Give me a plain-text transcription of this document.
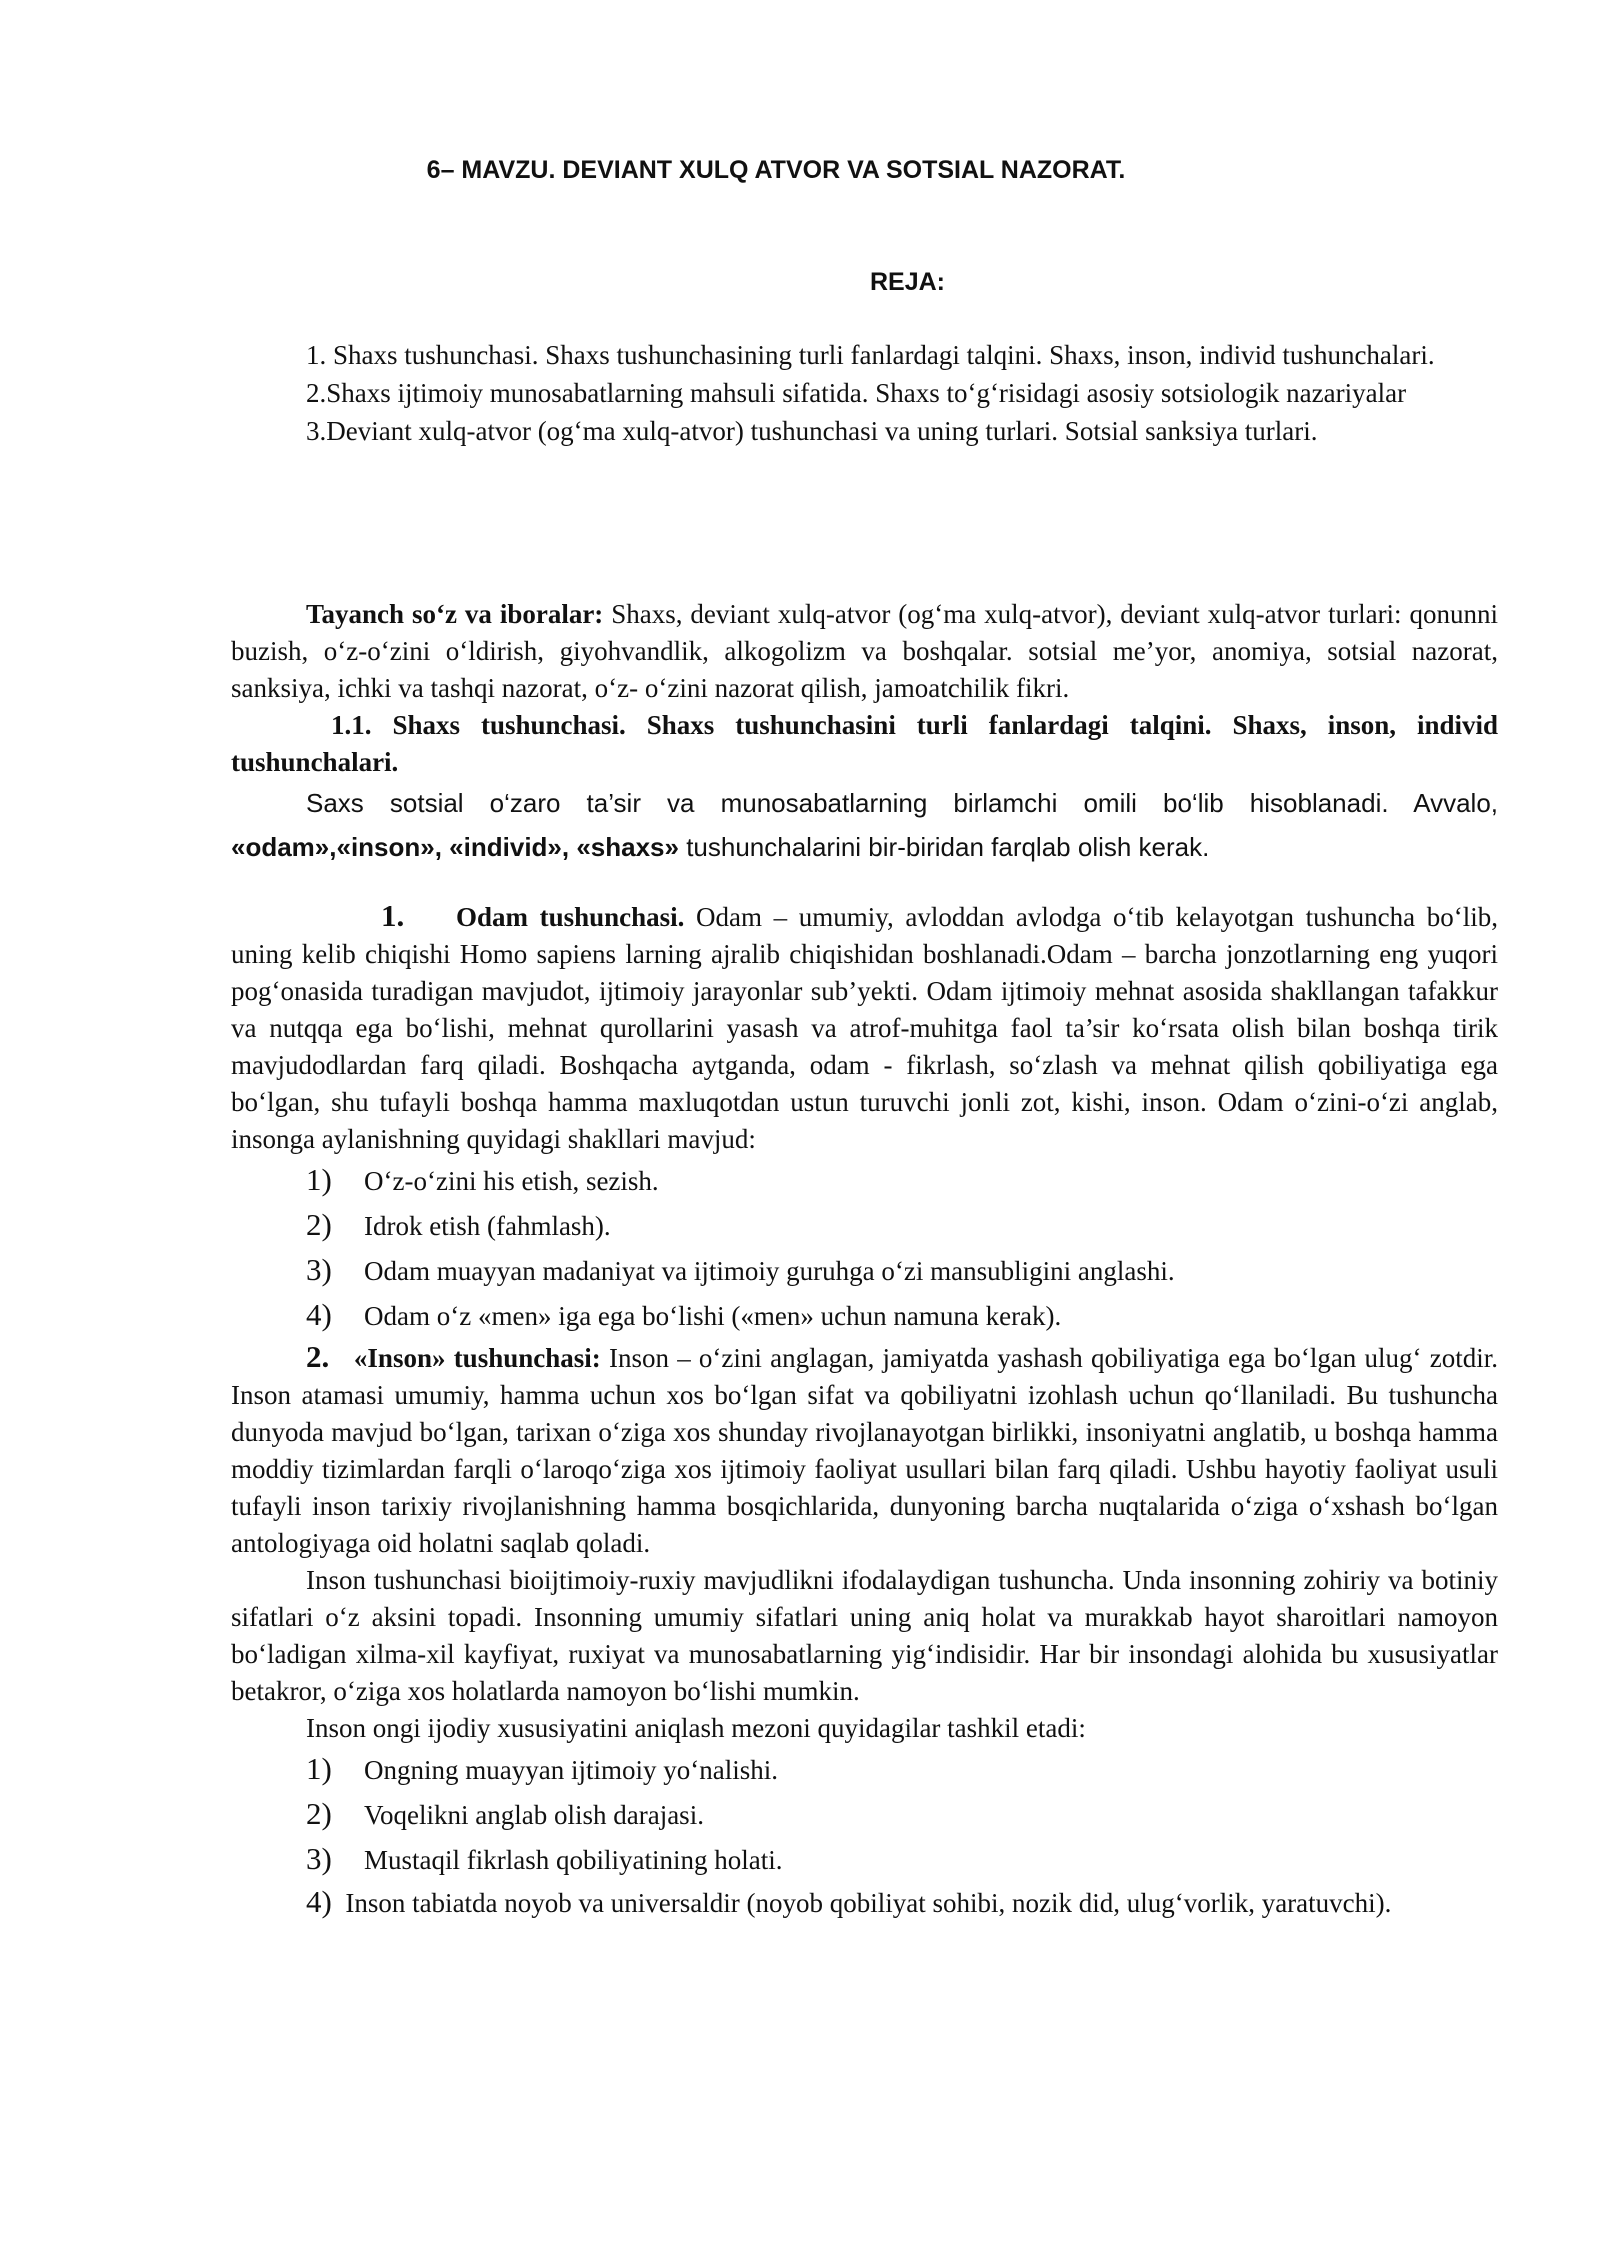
6– MAVZU. DEVIANT XULQ ATVOR VA SOTSIAL NAZORAT.
REJA:

1. Shaxs tushunchasi. Shaxs tushunchasining turli fanlardagi talqini. Shaxs, inson, individ tushunchalari.

2.Shaxs ijtimoiy munosabatlarning mahsuli sifatida. Shaxs to‘g‘risidagi asosiy sotsiologik nazariyalar

3.Deviant xulq-atvor (og‘ma xulq-atvor) tushunchasi va uning turlari. Sotsial sanksiya turlari.

Tayanch so‘z va iboralar: Shaxs, deviant xulq-atvor (og‘ma xulq-atvor), deviant xulq-atvor turlari: qonunni buzish, o‘z-o‘zini o‘ldirish, giyohvandlik, alkogolizm va boshqalar. sotsial me’yor, anomiya, sotsial nazorat, sanksiya, ichki va tashqi nazorat, o‘z- o‘zini nazorat qilish, jamoatchilik fikri.

1.1. Shaxs tushunchasi. Shaxs tushunchasini turli fanlardagi talqini. Shaxs, inson, individ tushunchalari.

Saxs sotsial o‘zaro ta’sir va munosabatlarning birlamchi omili bo‘lib hisoblanadi. Avvalo, «odam»,«inson», «individ», «shaxs» tushunchalarini bir-biridan farqlab olish kerak.

1. Odam tushunchasi. Odam – umumiy, avloddan avlodga o‘tib kelayotgan tushuncha bo‘lib, uning kelib chiqishi Homo sapiens larning ajralib chiqishidan boshlanadi.Odam – barcha jonzotlarning eng yuqori pog‘onasida turadigan mavjudot, ijtimoiy jarayonlar sub’yekti. Odam ijtimoiy mehnat asosida shakllangan tafakkur va nutqqa ega bo‘lishi, mehnat qurollarini yasash va atrof-muhitga faol ta’sir ko‘rsata olish bilan boshqa tirik mavjudodlardan farq qiladi. Boshqacha aytganda, odam - fikrlash, so‘zlash va mehnat qilish qobiliyatiga ega bo‘lgan, shu tufayli boshqa hamma maxluqotdan ustun turuvchi jonli zot, kishi, inson. Odam o‘zini-o‘zi anglab, insonga aylanishning quyidagi shakllari mavjud:

1) O‘z-o‘zini his etish, sezish.
2) Idrok etish (fahmlash).
3) Odam muayyan madaniyat va ijtimoiy guruhga o‘zi mansubligini anglashi.
4) Odam o‘z «men» iga ega bo‘lishi («men» uchun namuna kerak).

2. «Inson» tushunchasi: Inson – o‘zini anglagan, jamiyatda yashash qobiliyatiga ega bo‘lgan ulug‘ zotdir. Inson atamasi umumiy, hamma uchun xos bo‘lgan sifat va qobiliyatni izohlash uchun qo‘llaniladi. Bu tushuncha dunyoda mavjud bo‘lgan, tarixan o‘ziga xos shunday rivojlanayotgan birlikki, insoniyatni anglatib, u boshqa hamma moddiy tizimlardan farqli o‘laroqo‘ziga xos ijtimoiy faoliyat usullari bilan farq qiladi. Ushbu hayotiy faoliyat usuli tufayli inson tarixiy rivojlanishning hamma bosqichlarida, dunyoning barcha nuqtalarida o‘ziga o‘xshash bo‘lgan antologiyaga oid holatni saqlab qoladi.

Inson tushunchasi bioijtimoiy-ruxiy mavjudlikni ifodalaydigan tushuncha. Unda insonning zohiriy va botiniy sifatlari o‘z aksini topadi. Insonning umumiy sifatlari uning aniq holat va murakkab hayot sharoitlari namoyon bo‘ladigan xilma-xil kayfiyat, ruxiyat va munosabatlarning yig‘indisidir. Har bir insondagi alohida bu xususiyatlar betakror, o‘ziga xos holatlarda namoyon bo‘lishi mumkin.

Inson ongi ijodiy xususiyatini aniqlash mezoni quyidagilar tashkil etadi:

1) Ongning muayyan ijtimoiy yo‘nalishi.
2) Voqelikni anglab olish darajasi.
3) Mustaqil fikrlash qobiliyatining holati.

4) Inson tabiatda noyob va universaldir (noyob qobiliyat sohibi, nozik did, ulug‘vorlik, yaratuvchi).
